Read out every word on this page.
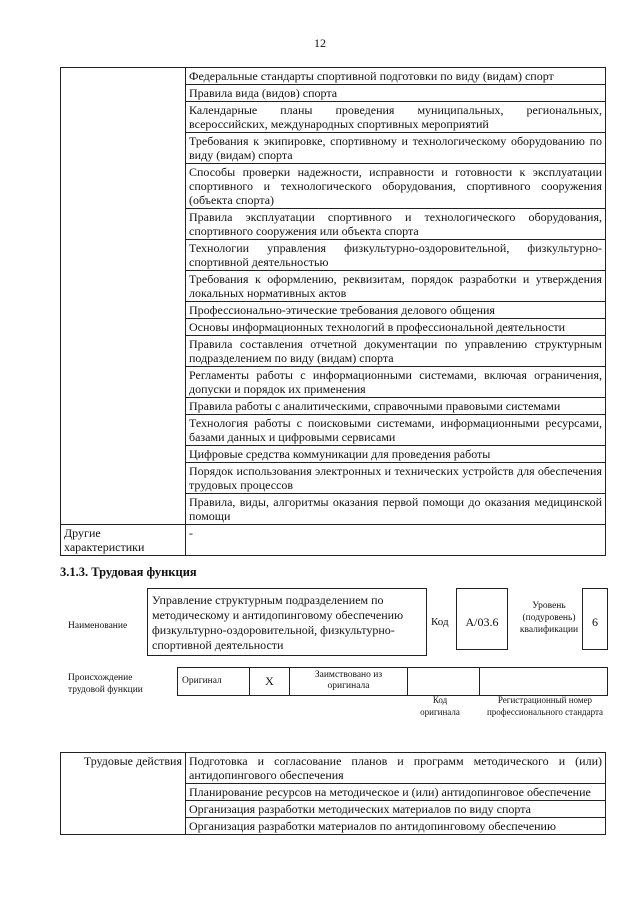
12
	Федеральные стандарты спортивной подготовки по виду (видам) спорт
	Правила вида (видов) спорта
	Календарные планы проведения муниципальных, региональных, всероссийских, международных спортивных мероприятий
	Требования к экипировке, спортивному и технологическому оборудованию по виду (видам) спорта
	Способы проверки надежности, исправности и готовности к эксплуатации спортивного и технологического оборудования, спортивного сооружения (объекта спорта)
	Правила эксплуатации спортивного и технологического оборудования, спортивного сооружения или объекта спорта
	Технологии управления физкультурно-оздоровительной, физкультурно-спортивной деятельностью
	Требования к оформлению, реквизитам, порядок разработки и утверждения локальных нормативных актов
	Профессионально-этические требования делового общения
	Основы информационных технологий в профессиональной деятельности
	Правила составления отчетной документации по управлению структурным подразделением по виду (видам) спорта
	Регламенты работы с информационными системами, включая ограничения, допуски и порядок их применения
	Правила работы с аналитическими, справочными правовыми системами
	Технология работы с поисковыми системами, информационными ресурсами, базами данных и цифровыми сервисами
	Цифровые средства коммуникации для проведения работы
	Порядок использования электронных и технических устройств для обеспечения трудовых процессов
	Правила, виды, алгоритмы оказания первой помощи до оказания медицинской помощи
Другие характеристики	-
3.1.3. Трудовая функция
Наименование
Управление структурным подразделением по методическому и антидопинговому обеспечению физкультурно-оздоровительной, физкультурно-спортивной деятельности
Код	A/03.6
Уровень (подуровень) квалификации
6
Происхождение трудовой функции
Оригинал	X	Заимствовано из оригинала		
Код оригинала
Регистрационный номер профессионального стандарта
Трудовые действия	Подготовка и согласование планов и программ методического и (или) антидопингового обеспечения
Планирование ресурсов на методическое и (или) антидопинговое обеспечение
Организация разработки методических материалов по виду спорта
Организация разработки материалов по антидопинговому обеспечению
